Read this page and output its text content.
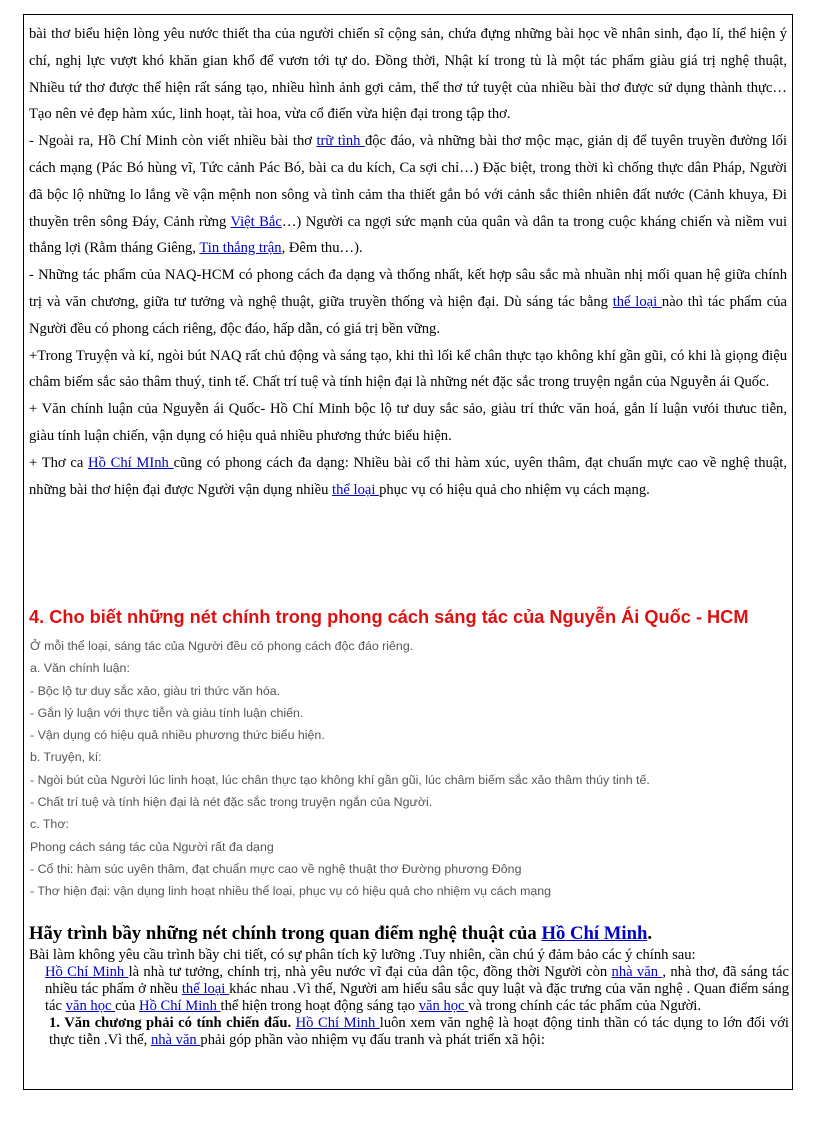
bài thơ biểu hiện lòng yêu nước thiết tha của người chiến sĩ cộng sản, chứa đựng những bài học về nhân sinh, đạo lí, thể hiện ý chí, nghị lực vượt khó khăn gian khổ để vươn tới tự do. Đồng thời, Nhật kí trong tù là một tác phẩm giàu giá trị nghệ thuật, Nhiều tứ thơ được thể hiện rất sáng tạo, nhiều hình ảnh gợi cảm, thể thơ tứ tuyệt của nhiều bài thơ được sử dụng thành thực… Tạo nên vẻ đẹp hàm xúc, linh hoạt, tài hoa, vừa cổ điển vừa hiện đại trong tập thơ.

- Ngoài ra, Hồ Chí Minh còn viết nhiều bài thơ trữ tình độc đáo, và những bài thơ mộc mạc, giản dị để tuyên truyền đường lối cách mạng (Pác Bó hùng vĩ, Tức cảnh Pác Bó, bài ca du kích, Ca sợi chỉ…) Đặc biệt, trong thời kì chống thực dân Pháp, Người đã bộc lộ những lo lắng về vận mệnh non sông và tình cảm tha thiết gắn bó với cảnh sắc thiên nhiên đất nước (Cảnh khuya, Đi thuyền trên sông Đáy, Cảnh rừng Việt Bắc…) Người ca ngợi sức mạnh của quân và dân ta trong cuộc kháng chiến và niềm vui thắng lợi (Rằm tháng Giêng, Tin thắng trận, Đêm thu…).

- Những tác phẩm của NAQ-HCM có phong cách đa dạng và thống nhất, kết hợp sâu sắc mà nhuần nhị mối quan hệ giữa chính trị và văn chương, giữa tư tưởng và nghệ thuật, giữa truyền thống và hiện đại. Dù sáng tác bằng thể loại nào thì tác phẩm của Người đều có phong cách riêng, độc đáo, hấp dẫn, có giá trị bền vững.

+Trong Truyện và kí, ngòi bút NAQ rất chủ động và sáng tạo, khi thì lối kể chân thực tạo không khí gần gũi, có khi là giọng điệu châm biếm sắc sảo thâm thuý, tinh tế. Chất trí tuệ và tính hiện đại là những nét đặc sắc trong truyện ngắn của Nguyễn ái Quốc.

+ Văn chính luận của Nguyễn ái Quốc- Hồ Chí Minh bộc lộ tư duy sắc sảo, giàu trí thức văn hoá, gắn lí luận vưói thưuc tiễn, giàu tính luận chiến, vận dụng có hiệu quả nhiều phương thức biểu hiện.

+ Thơ ca Hồ Chí MInh cũng có phong cách đa dạng: Nhiều bài cổ thi hàm xúc, uyên thâm, đạt chuẩn mực cao về nghệ thuật, những bài thơ hiện đại được Người vận dụng nhiều thể loại phục vụ có hiệu quả cho nhiệm vụ cách mạng.

4. Cho biết những nét chính trong phong cách sáng tác của Nguyễn Ái Quốc - HCM

Ở mỗi thể loại, sáng tác của Người đều có phong cách độc đáo riêng.

a. Văn chính luận:

- Bộc lộ tư duy sắc xảo, giàu tri thức văn hóa.

- Gắn lý luận với thực tiễn và giàu tính luận chiến.

- Vận dụng có hiệu quả nhiều phương thức biểu hiện.

b. Truyện, kí:

- Ngòi bút của Người lúc linh hoạt, lúc chân thực tạo không khí gần gũi, lúc châm biếm sắc xảo thâm thúy tinh tế.

- Chất trí tuệ và tính hiện đại là nét đặc sắc trong truyện ngắn của Người.

c. Thơ:

Phong cách sáng tác của Người rất đa dạng

- Cổ thi: hàm súc uyên thâm, đạt chuẩn mực cao về nghệ thuật thơ Đường phương Đông

- Thơ hiện đại: vận dụng linh hoạt nhiều thể loại, phục vụ có hiệu quả cho nhiệm vụ cách mạng

Hãy trình bầy những nét chính trong quan điểm nghệ thuật của Hồ Chí Minh.

Bài làm không yêu cầu trình bầy chi tiết, có sự phân tích kỹ lưỡng .Tuy nhiên, cần chú ý đảm bảo các ý chính sau:

Hồ Chí Minh là nhà tư tưởng, chính trị, nhà yêu nước vĩ đại của dân tộc, đồng thời Người còn nhà văn , nhà thơ, đã sáng tác nhiều tác phẩm ở nhều thể loại khác nhau .Vì thế, Người am hiểu sâu sắc quy luật và đặc trưng của văn nghệ . Quan điểm sáng tác văn học của Hồ Chí Minh thể hiện trong hoạt động sáng tạo văn học và trong chính các tác phẩm của Người.

1. Văn chương phải có tính chiến đấu. Hồ Chí Minh luôn xem văn nghệ là hoạt động tinh thần có tác dụng to lớn đối với thực tiễn .Vì thế, nhà văn phải góp phần vào nhiệm vụ đấu tranh và phát triển xã hội:
